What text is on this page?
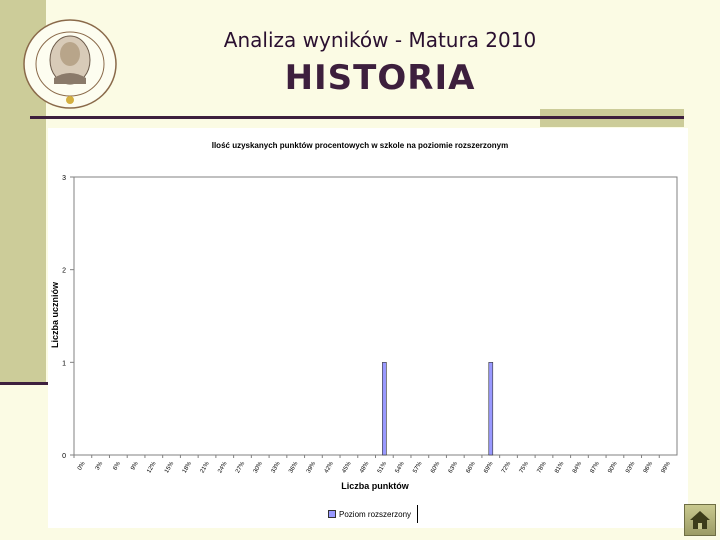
Analiza wyników - Matura 2010
HISTORIA
Ilość uzyskanych punktów procentowych w szkole na poziomie rozszerzonym
Liczba punktów
Liczba uczniów
0
1
2
3
0% 3% 6% 9% 12% 15% 18% 21% 24% 27% 30% 33% 36% 39% 42% 45% 48% 51% 54% 57% 60% 63% 66% 69% 72% 75% 78% 81% 84% 87% 90% 93% 96% 99%
Poziom rozszerzony
